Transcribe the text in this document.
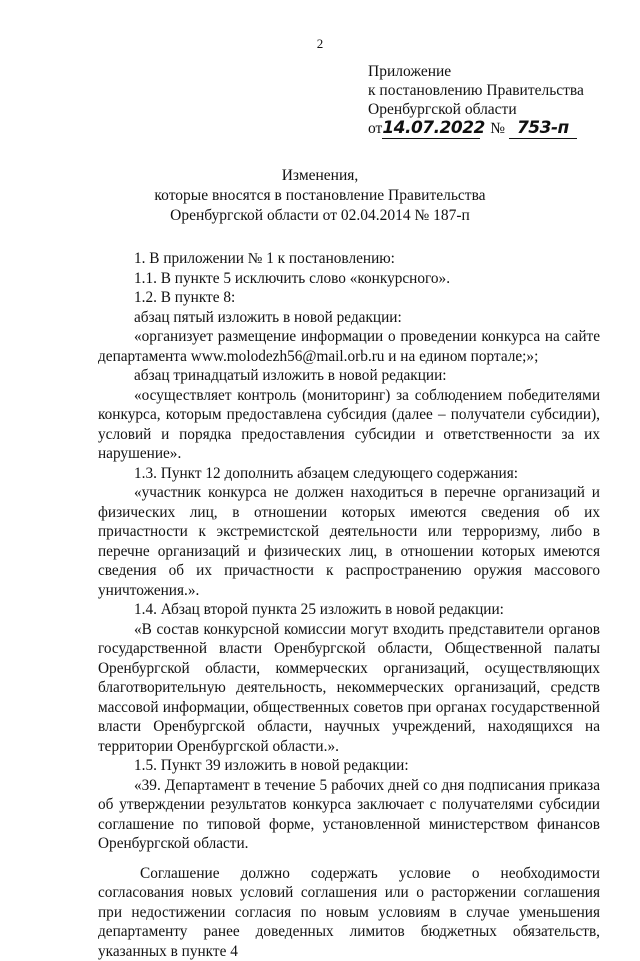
2
Приложение
к постановлению Правительства
Оренбургской области
от14.07.2022 № 753-п
Изменения,
которые вносятся в постановление Правительства
Оренбургской области от 02.04.2014 № 187-п

1. В приложении № 1 к постановлению:

1.1. В пункте 5 исключить слово «конкурсного».

1.2. В пункте 8:

абзац пятый изложить в новой редакции:

«организует размещение информации о проведении конкурса на сайте департамента www.molodezh56@mail.orb.ru и на едином портале;»;

абзац тринадцатый изложить в новой редакции:

«осуществляет контроль (мониторинг) за соблюдением победителями конкурса, которым предоставлена субсидия (далее – получатели субсидии), условий и порядка предоставления субсидии и ответственности за их нарушение».

1.3. Пункт 12 дополнить абзацем следующего содержания:

«участник конкурса не должен находиться в перечне организаций и физических лиц, в отношении которых имеются сведения об их причастности к экстремистской деятельности или терроризму, либо в перечне организаций и физических лиц, в отношении которых имеются сведения об их причастности к распространению оружия массового уничтожения.».

1.4. Абзац второй пункта 25 изложить в новой редакции:

«В состав конкурсной комиссии могут входить представители органов государственной власти Оренбургской области, Общественной палаты Оренбургской области, коммерческих организаций, осуществляющих благотворительную деятельность, некоммерческих организаций, средств массовой информации, общественных советов при органах государственной власти Оренбургской области, научных учреждений, находящихся на территории Оренбургской области.».

1.5. Пункт 39 изложить в новой редакции:

«39. Департамент в течение 5 рабочих дней со дня подписания приказа об утверждении результатов конкурса заключает с получателями субсидии соглашение по типовой форме, установленной министерством финансов Оренбургской области.

Соглашение должно содержать условие о необходимости согласования новых условий соглашения или о расторжении соглашения при недостижении согласия по новым условиям в случае уменьшения департаменту ранее доведенных лимитов бюджетных обязательств, указанных в пункте 4
